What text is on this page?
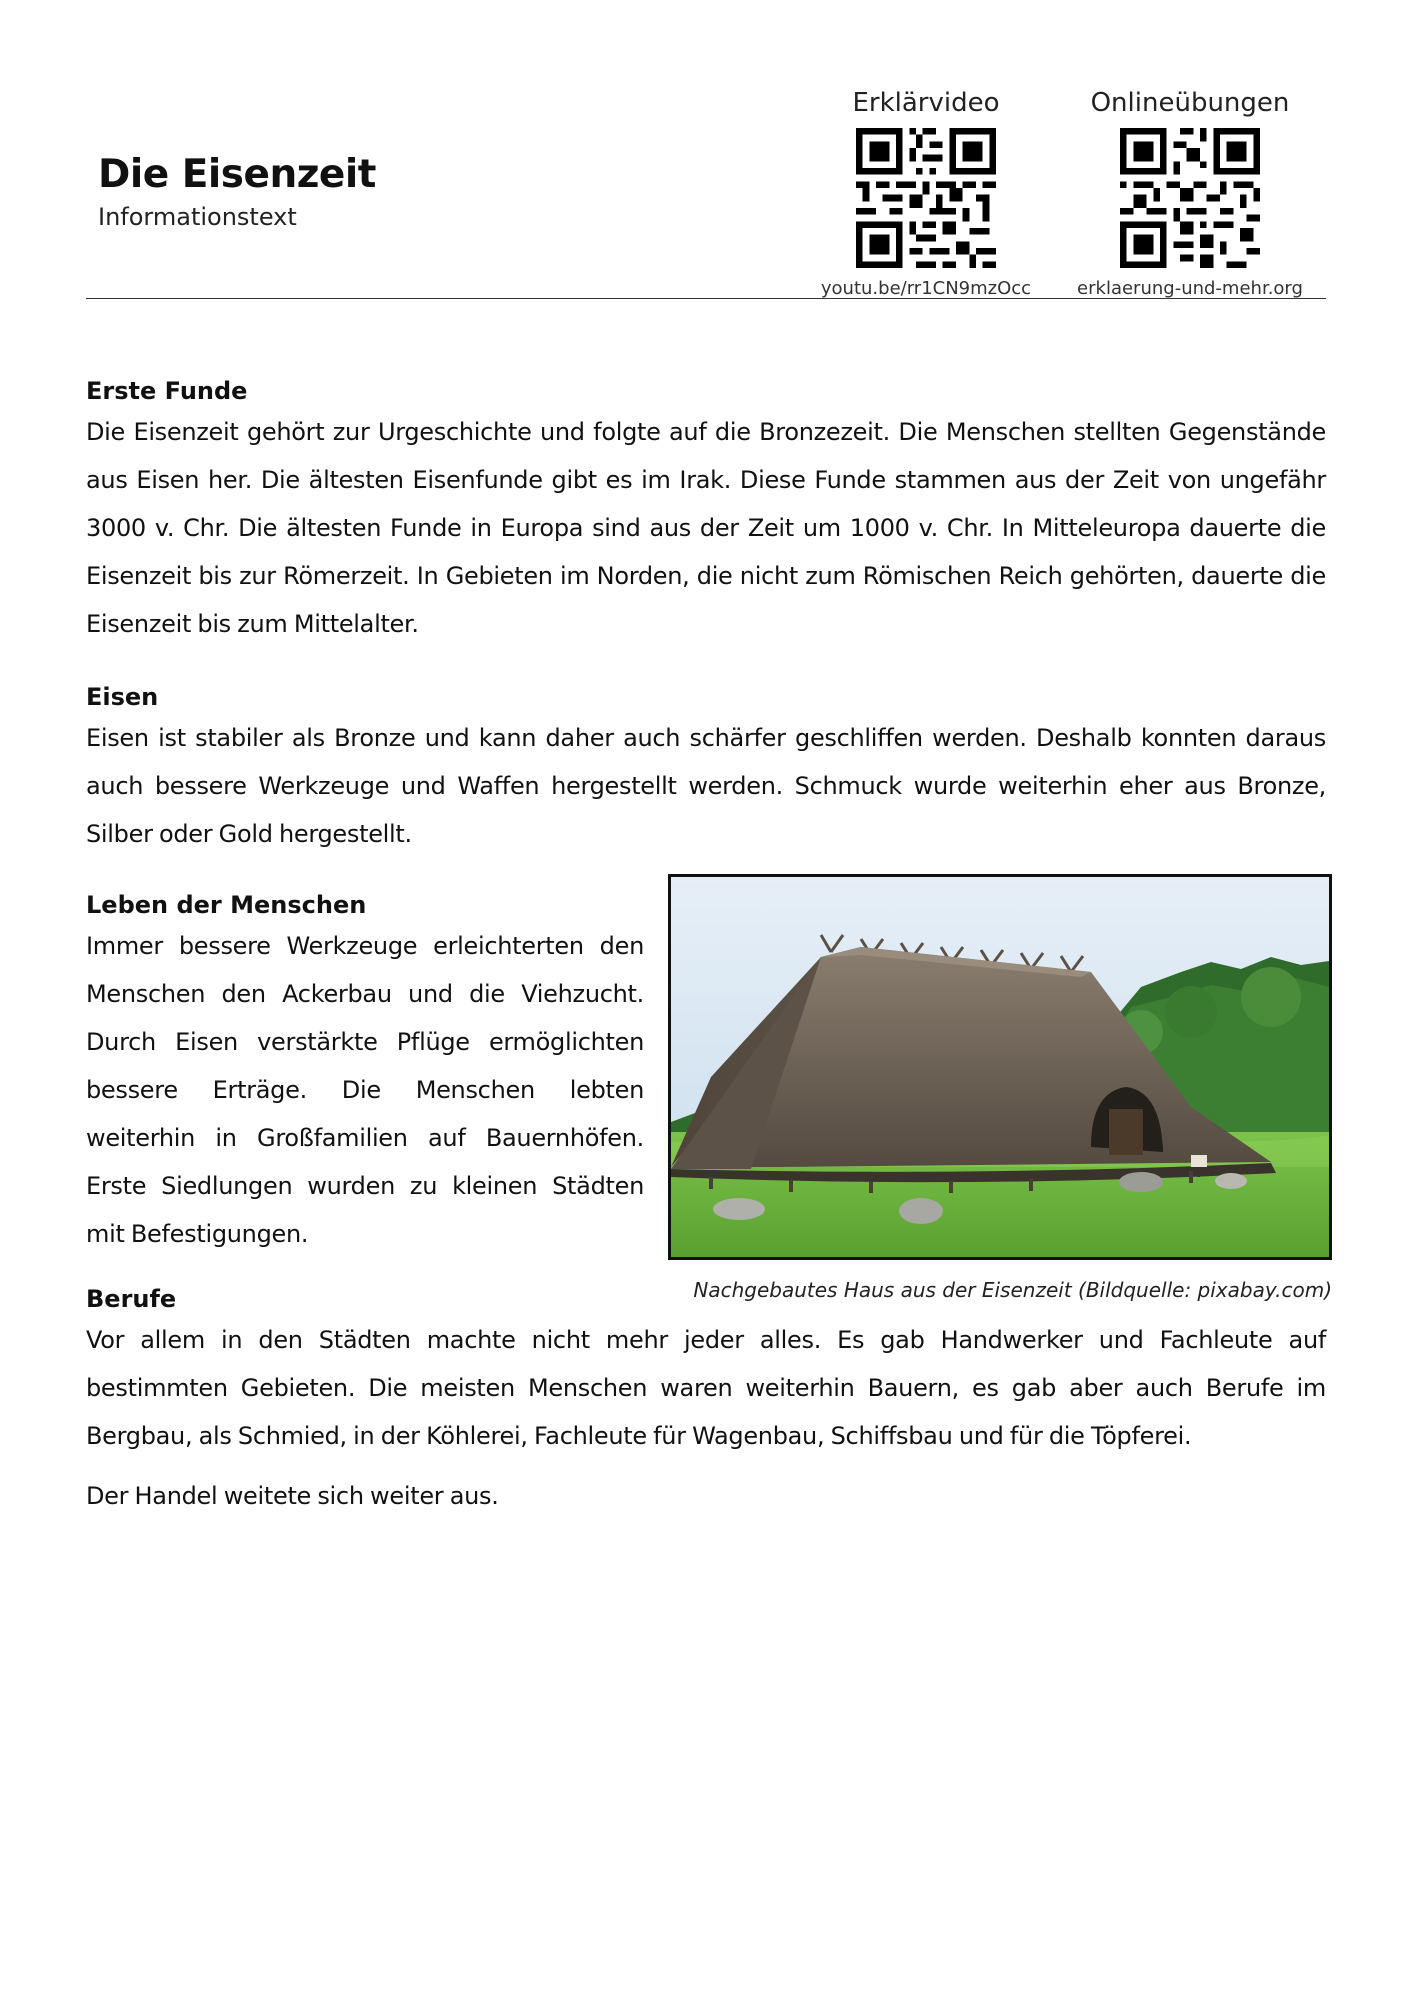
Die Eisenzeit
Informationstext
Erklärvideo
youtu.be/rr1CN9mzOcc
Onlineübungen
erklaerung-und-mehr.org
Erste Funde
Die Eisenzeit gehört zur Urgeschichte und folgte auf die Bronzezeit. Die Menschen stellten Gegenstände aus Eisen her. Die ältesten Eisenfunde gibt es im Irak. Diese Funde stammen aus der Zeit von ungefähr 3000 v. Chr. Die ältesten Funde in Europa sind aus der Zeit um 1000 v. Chr. In Mitteleuropa dauerte die Eisenzeit bis zur Römerzeit. In Gebieten im Norden, die nicht zum Römischen Reich gehörten, dauerte die Eisenzeit bis zum Mittelalter.
Eisen
Eisen ist stabiler als Bronze und kann daher auch schärfer geschliffen werden. Deshalb konnten daraus auch bessere Werkzeuge und Waffen hergestellt werden. Schmuck wurde weiterhin eher aus Bronze, Silber oder Gold hergestellt.
Leben der Menschen
Immer bessere Werkzeuge erleichterten den Menschen den Ackerbau und die Viehzucht. Durch Eisen verstärkte Pflüge ermöglichten bessere Erträge. Die Menschen lebten weiterhin in Großfamilien auf Bauernhöfen. Erste Siedlungen wurden zu kleinen Städten mit Befestigungen.
Nachgebautes Haus aus der Eisenzeit (Bildquelle: pixabay.com)
Berufe
Vor allem in den Städten machte nicht mehr jeder alles. Es gab Handwerker und Fachleute auf bestimmten Gebieten. Die meisten Menschen waren weiterhin Bauern, es gab aber auch Berufe im Bergbau, als Schmied, in der Köhlerei, Fachleute für Wagenbau, Schiffsbau und für die Töpferei.
Der Handel weitete sich weiter aus.
